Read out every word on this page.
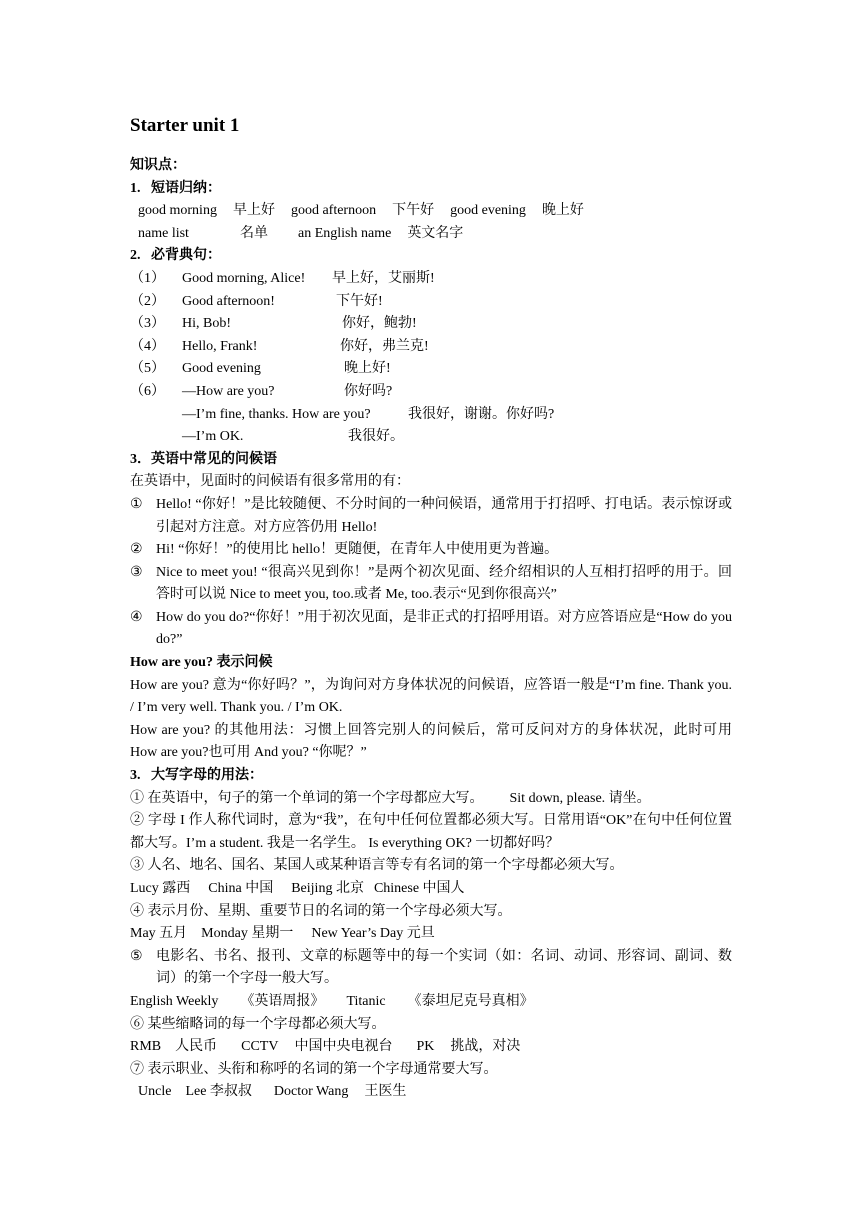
Starter unit 1
知识点：
1.   短语归纳：
good morning 早上好 good afternoon 下午好 good evening 晚上好
name list	名单 an English name 英文名字
2.   必背典句：
（1） Good morning, Alice! 早上好，艾丽斯!
（2） Good afternoon!	下午好!
（3） Hi, Bob!	你好，鲍勃!
（4） Hello, Frank!	你好，弗兰克!
（5） Good evening	晚上好!
（6） —How are you?	你好吗?
—I’m fine, thanks. How are you?	我很好，谢谢。你好吗?
—I’m OK.	我很好。
3．英语中常见的问候语
在英语中，见面时的问候语有很多常用的有：
① Hello! “你好！”是比较随便、不分时间的一种问候语，通常用于打招呼、打电话。表示惊讶或引起对方注意。对方应答仍用 Hello!
② Hi! “你好！”的使用比 hello！更随便，在青年人中使用更为普遍。
③ Nice to meet you! “很高兴见到你！”是两个初次见面、经介绍相识的人互相打招呼的用于。回答时可以说 Nice to meet you, too.或者 Me, too.表示“见到你很高兴”
④ How do you do?“你好！”用于初次见面，是非正式的打招呼用语。对方应答语应是“How do you do?”
How are you? 表示问候
How are you? 意为“你好吗？”，为询问对方身体状况的问候语，应答语一般是“I’m fine. Thank you. / I’m very well. Thank you. / I’m OK.
How are you? 的其他用法：习惯上回答完别人的问候后，常可反问对方的身体状况，此时可用 How are you?也可用 And you? “你呢？”
3.   大写字母的用法：
① 在英语中，句子的第一个单词的第一个字母都应大写。 Sit down, please. 请坐。
② 字母 I 作人称代词时，意为“我”，在句中任何位置都必须大写。日常用语“OK”在句中任何位置都大写。I’m a student. 我是一名学生。 Is everything OK? 一切都好吗？
③ 人名、地名、国名、某国人或某种语言等专有名词的第一个字母都必须大写。
Lucy 露西 China 中国 Beijing 北京 Chinese 中国人
④ 表示月份、星期、重要节日的名词的第一个字母必须大写。
May 五月 Monday 星期一 New Year’s Day 元旦
⑤ 电影名、书名、报刊、文章的标题等中的每一个实词（如：名词、动词、形容词、副词、数词）的第一个字母一般大写。
English Weekly 《英语周报》 Titanic 《泰坦尼克号真相》
⑥ 某些缩略词的每一个字母都必须大写。
RMB 人民币 CCTV 中国中央电视台 PK 挑战，对决
⑦ 表示职业、头衔和称呼的名词的第一个字母通常要大写。
Uncle Lee 李叔叔 Doctor Wang 王医生
